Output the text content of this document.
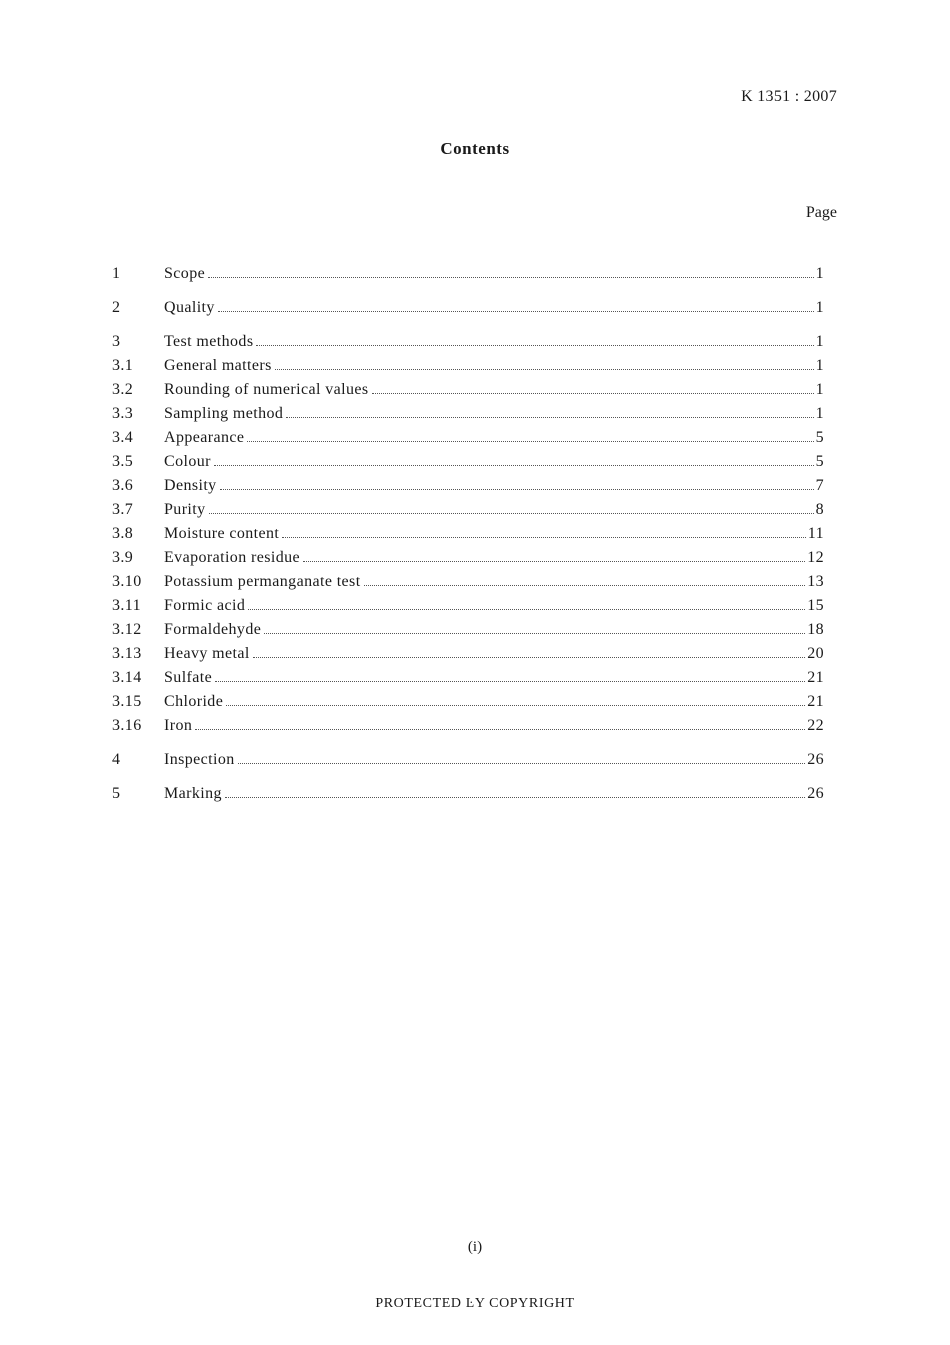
K 1351 : 2007
Contents
Page
1	Scope	1
2	Quality	1
3	Test methods	1
3.1	General matters	1
3.2	Rounding of numerical values	1
3.3	Sampling method	1
3.4	Appearance	5
3.5	Colour	5
3.6	Density	7
3.7	Purity	8
3.8	Moisture content	11
3.9	Evaporation residue	12
3.10	Potassium permanganate test	13
3.11	Formic acid	15
3.12	Formaldehyde	18
3.13	Heavy metal	20
3.14	Sulfate	21
3.15	Chloride	21
3.16	Iron	22
4	Inspection	26
5	Marking	26
(i)
PROTECTED ĿY COPYRIGHT
